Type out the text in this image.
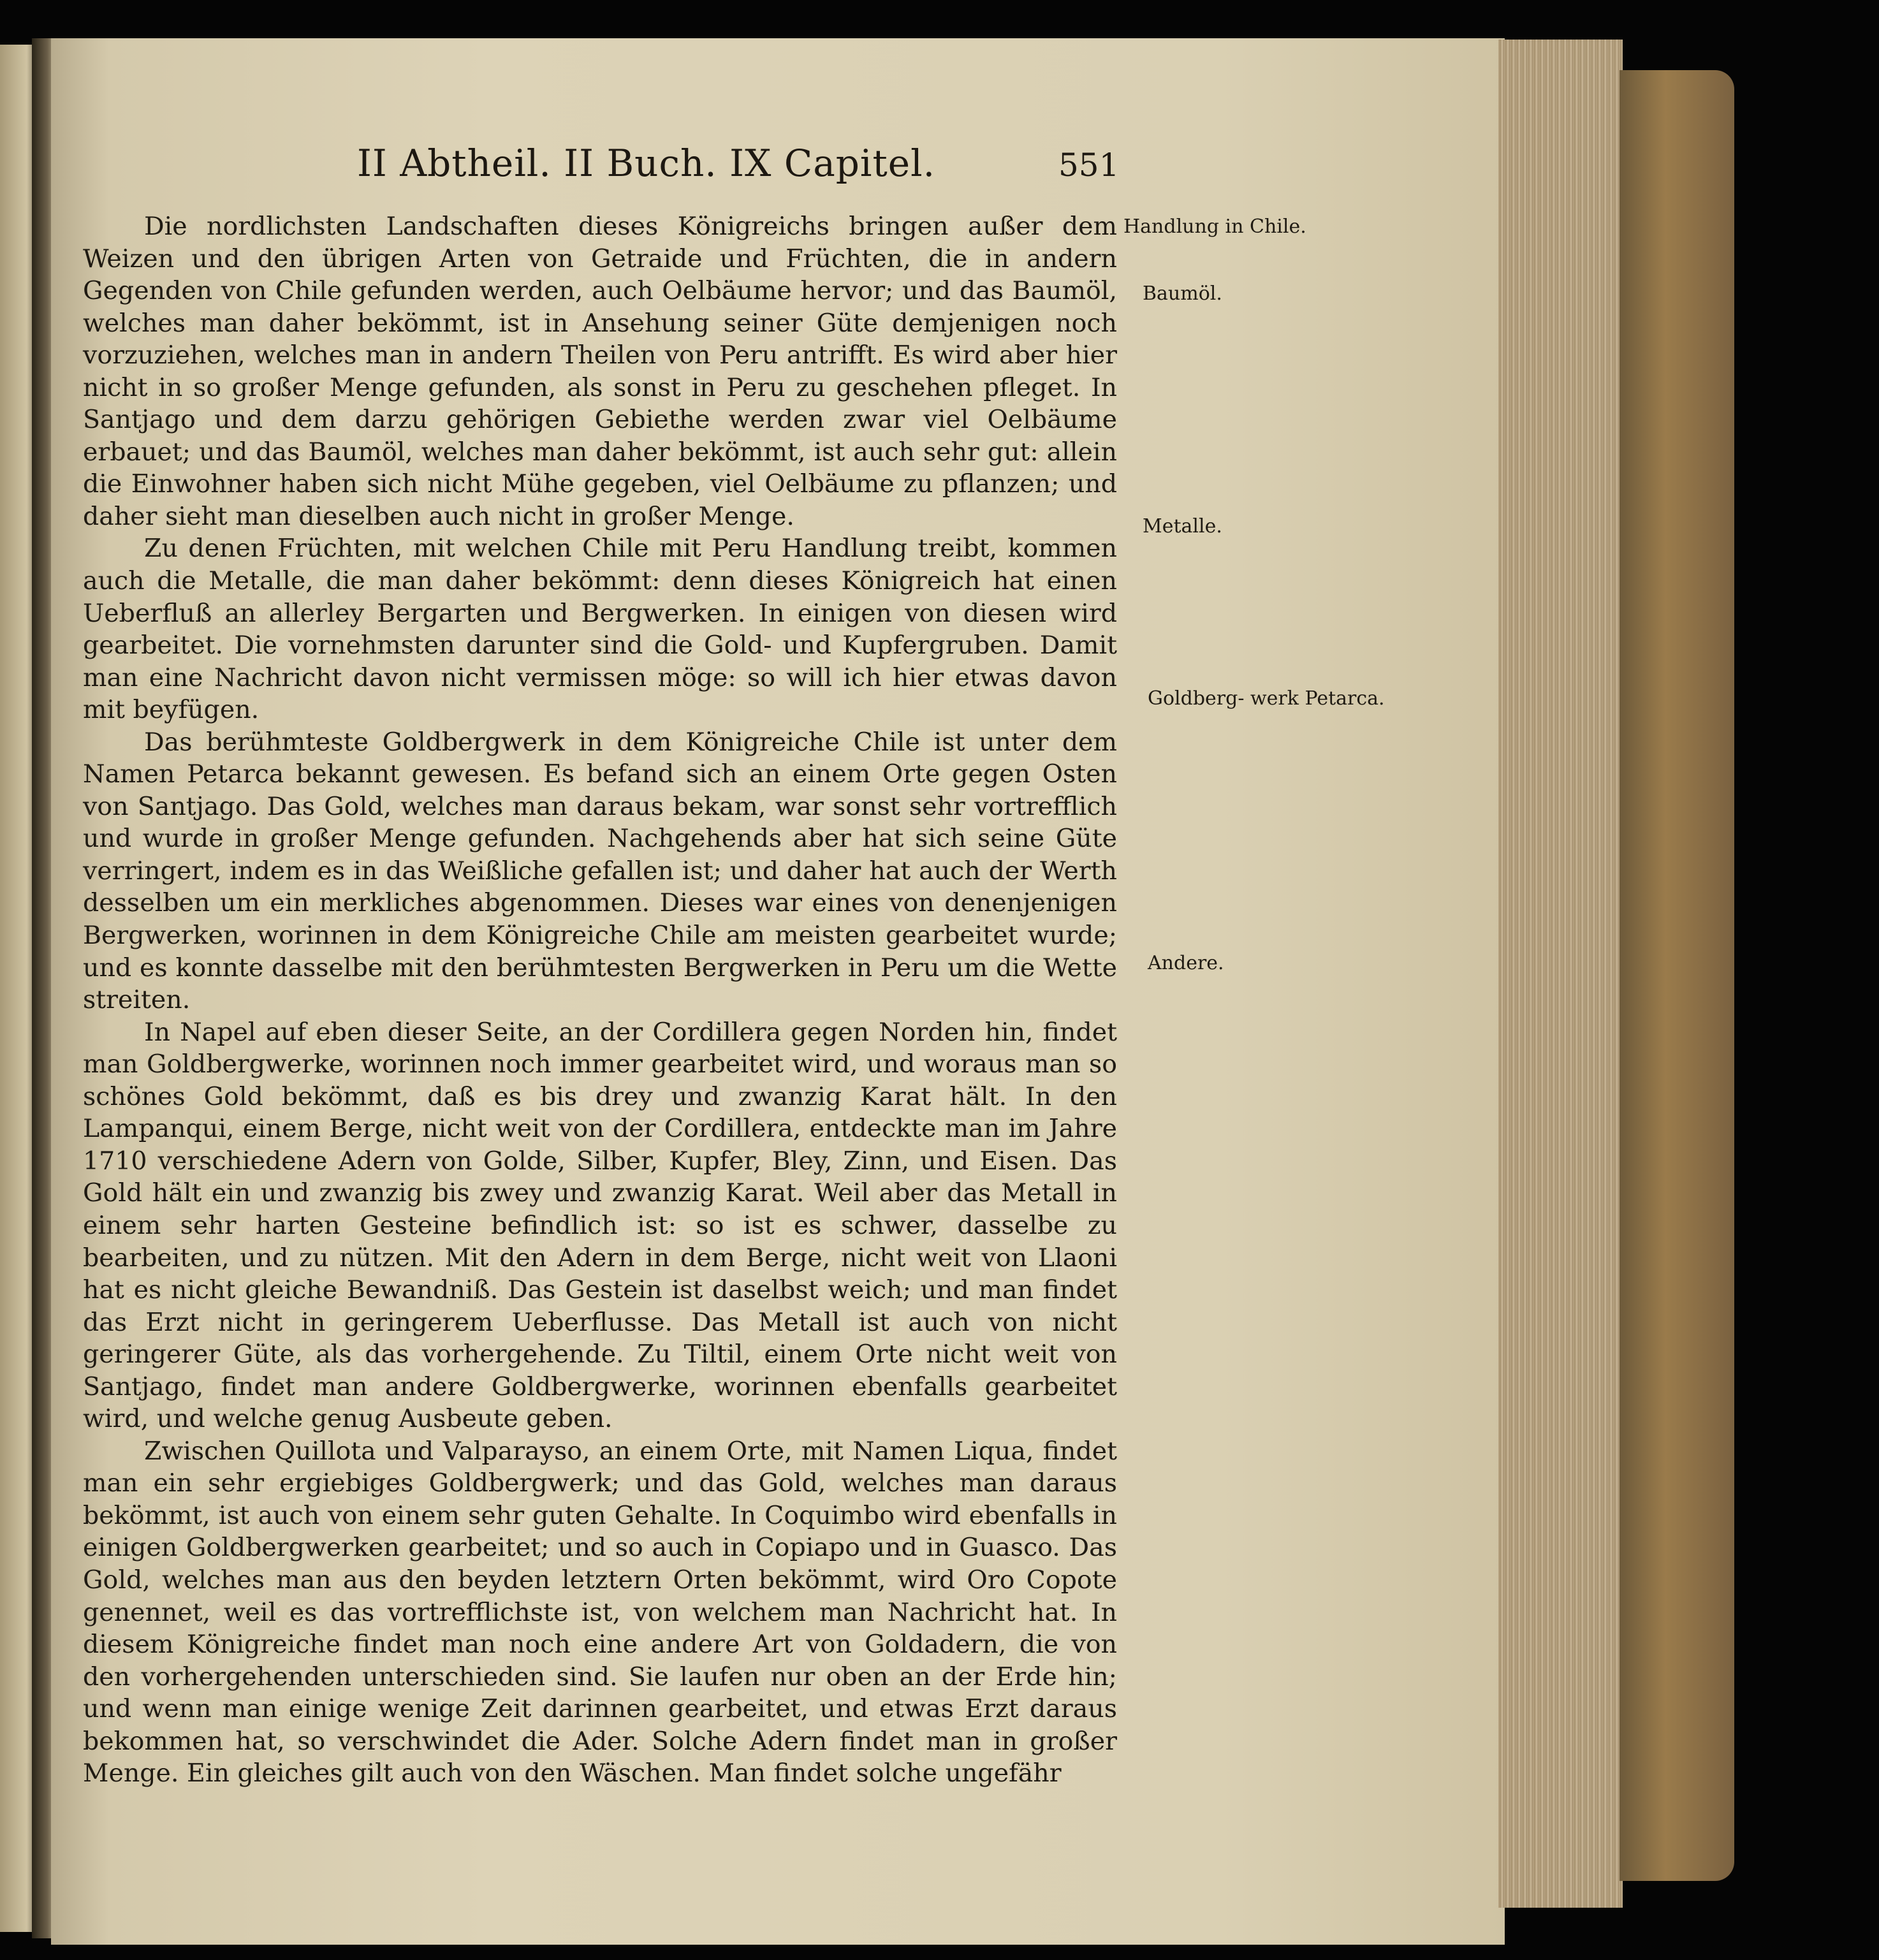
II Abtheil. II Buch. IX Capitel.	551

Die nordlichsten Landschaften dieses Königreichs bringen außer dem Weizen und den übrigen Arten von Getraide und Früchten, die in andern Gegenden von Chile gefunden werden, auch Oelbäume hervor; und das Baumöl, welches man daher bekömmt, ist in Ansehung seiner Güte demjenigen noch vorzuziehen, welches man in andern Theilen von Peru antrifft. Es wird aber hier nicht in so großer Menge gefunden, als sonst in Peru zu geschehen pfleget. In Santjago und dem darzu gehörigen Gebiethe werden zwar viel Oelbäume erbauet; und das Baumöl, welches man daher bekömmt, ist auch sehr gut: allein die Einwohner haben sich nicht Mühe gegeben, viel Oelbäume zu pflanzen; und daher sieht man dieselben auch nicht in großer Menge.

Zu denen Früchten, mit welchen Chile mit Peru Handlung treibt, kommen auch die Metalle, die man daher bekömmt: denn dieses Königreich hat einen Ueberfluß an allerley Bergarten und Bergwerken. In einigen von diesen wird gearbeitet. Die vornehmsten darunter sind die Gold- und Kupfergruben. Damit man eine Nachricht davon nicht vermissen möge: so will ich hier etwas davon mit beyfügen.

Das berühmteste Goldbergwerk in dem Königreiche Chile ist unter dem Namen Petarca bekannt gewesen. Es befand sich an einem Orte gegen Osten von Santjago. Das Gold, welches man daraus bekam, war sonst sehr vortrefflich und wurde in großer Menge gefunden. Nachgehends aber hat sich seine Güte verringert, indem es in das Weißliche gefallen ist; und daher hat auch der Werth desselben um ein merkliches abgenommen. Dieses war eines von denenjenigen Bergwerken, worinnen in dem Königreiche Chile am meisten gearbeitet wurde; und es konnte dasselbe mit den berühmtesten Bergwerken in Peru um die Wette streiten.

In Napel auf eben dieser Seite, an der Cordillera gegen Norden hin, findet man Goldbergwerke, worinnen noch immer gearbeitet wird, und woraus man so schönes Gold bekömmt, daß es bis drey und zwanzig Karat hält. In den Lampanqui, einem Berge, nicht weit von der Cordillera, entdeckte man im Jahre 1710 verschiedene Adern von Golde, Silber, Kupfer, Bley, Zinn, und Eisen. Das Gold hält ein und zwanzig bis zwey und zwanzig Karat. Weil aber das Metall in einem sehr harten Gesteine befindlich ist: so ist es schwer, dasselbe zu bearbeiten, und zu nützen. Mit den Adern in dem Berge, nicht weit von Llaoni hat es nicht gleiche Bewandniß. Das Gestein ist daselbst weich; und man findet das Erzt nicht in geringerem Ueberflusse. Das Metall ist auch von nicht geringerer Güte, als das vorhergehende. Zu Tiltil, einem Orte nicht weit von Santjago, findet man andere Goldbergwerke, worinnen ebenfalls gearbeitet wird, und welche genug Ausbeute geben.

Zwischen Quillota und Valparayso, an einem Orte, mit Namen Liqua, findet man ein sehr ergiebiges Goldbergwerk; und das Gold, welches man daraus bekömmt, ist auch von einem sehr guten Gehalte. In Coquimbo wird ebenfalls in einigen Goldbergwerken gearbeitet; und so auch in Copiapo und in Guasco. Das Gold, welches man aus den beyden letztern Orten bekömmt, wird Oro Copote genennet, weil es das vortrefflichste ist, von welchem man Nachricht hat. In diesem Königreiche findet man noch eine andere Art von Goldadern, die von den vorhergehenden unterschieden sind. Sie laufen nur oben an der Erde hin; und wenn man einige wenige Zeit darinnen gearbeitet, und etwas Erzt daraus bekommen hat, so verschwindet die Ader. Solche Adern findet man in großer Menge. Ein gleiches gilt auch von den Wäschen. Man findet solche ungefähr

Handlung in Chile.
Baumöl.
Metalle.
Goldberg- werk Petarca.
Andere.
